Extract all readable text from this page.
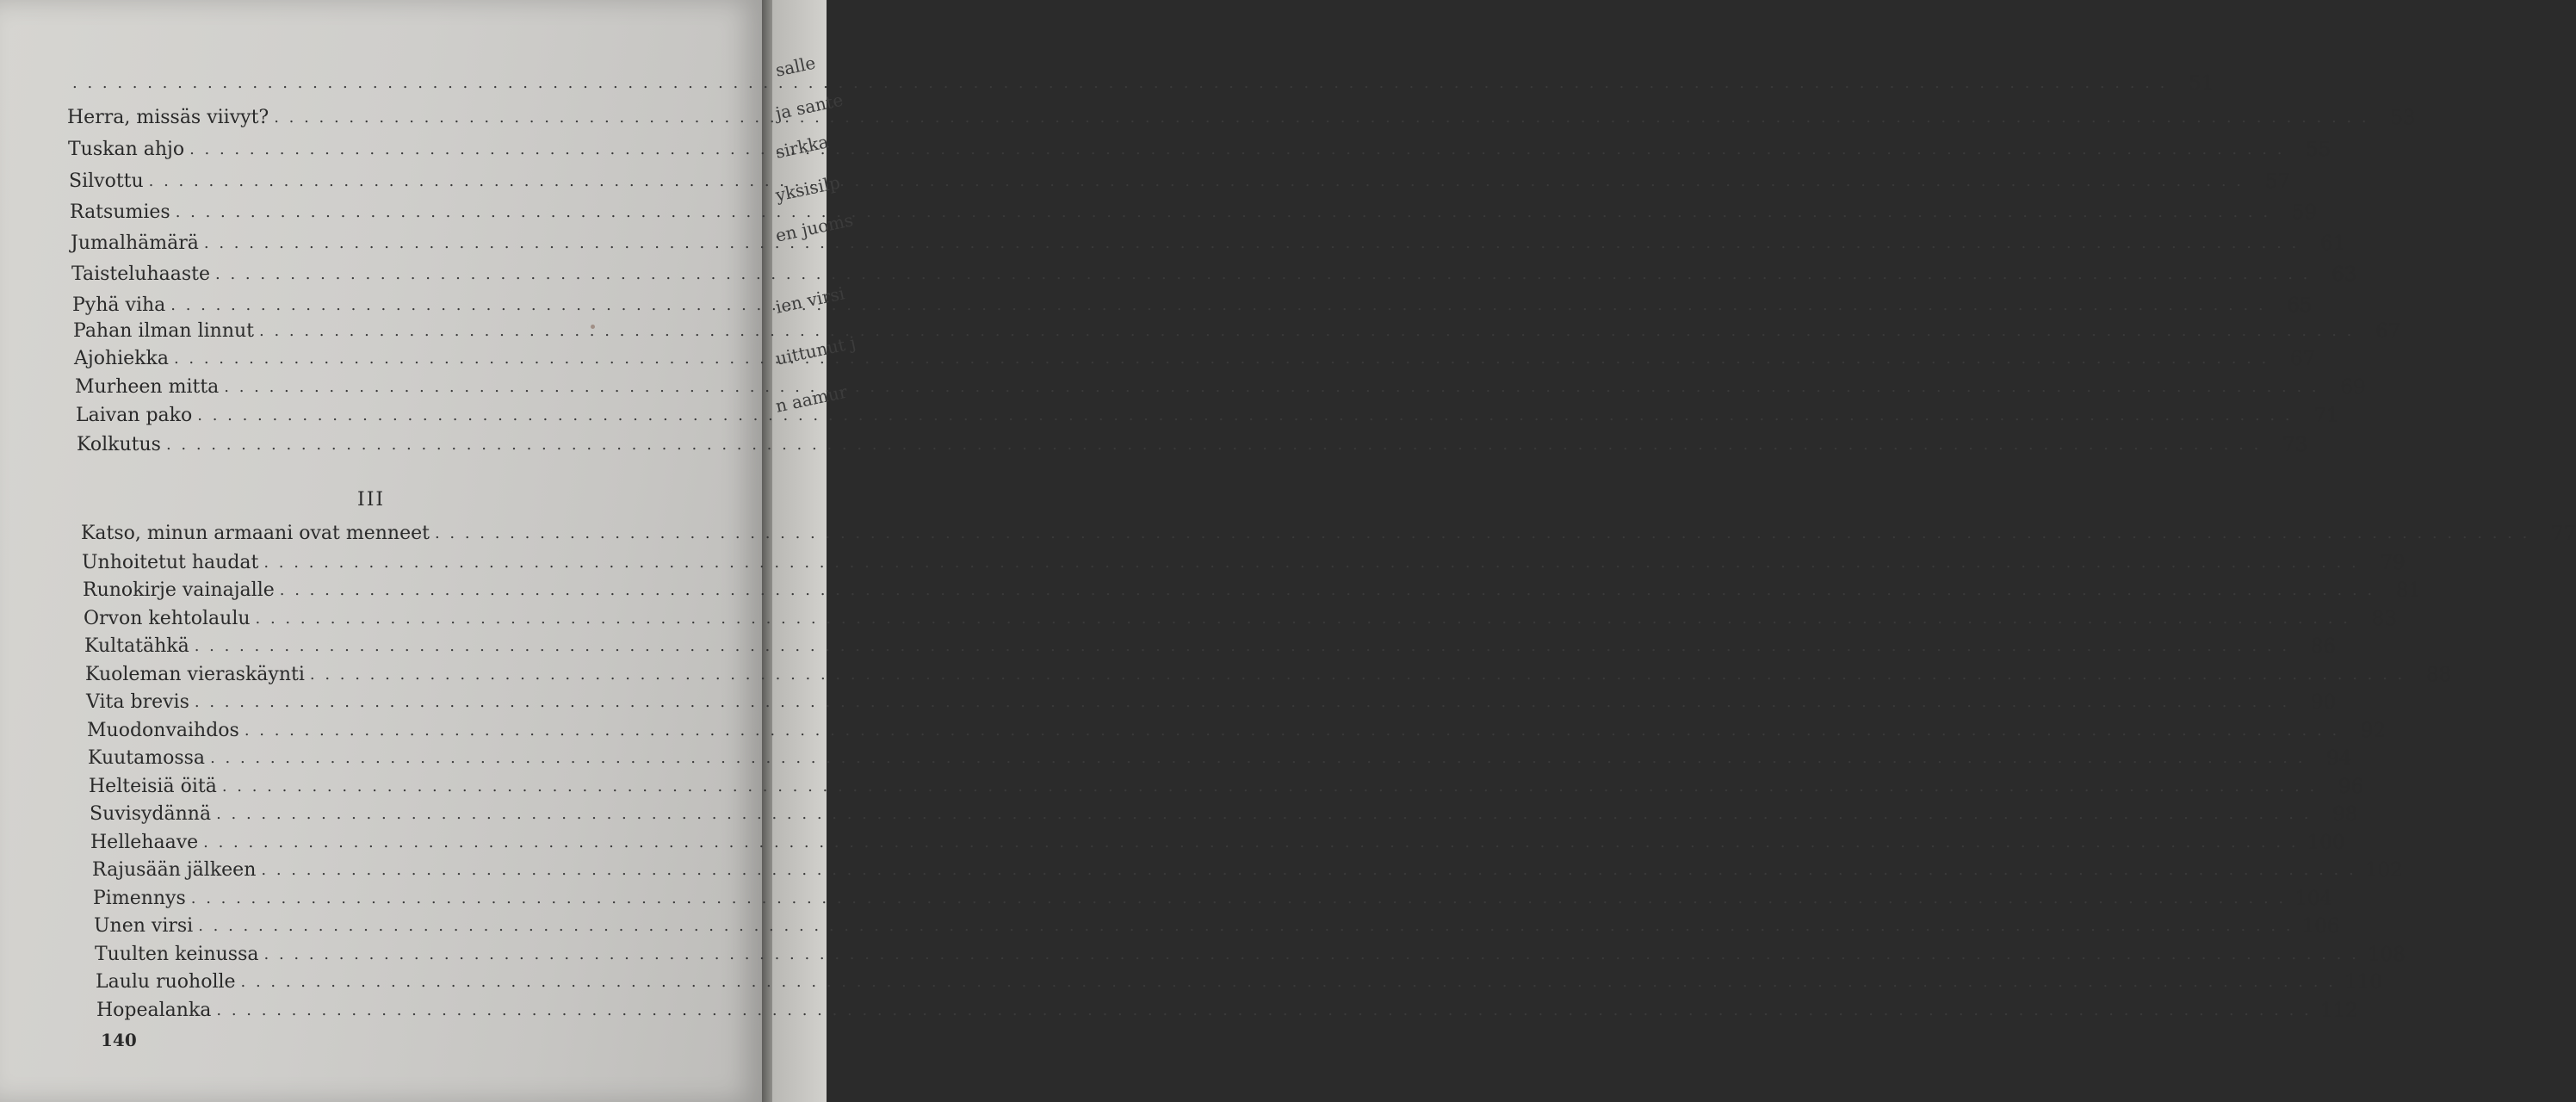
salle
ja sante
sirkka
yksisilp
en juoms
ien virsi
uittunut j
n aamur
. . .
51
Herra, missäs viivyt? . . .	53
Tuskan ahjo . . .	55
Silvottu . . .	57
Ratsumies . . .	59
Jumalhämärä . . .	61
Taisteluhaaste . . .	63
Pyhä viha . . .	65
Pahan ilman linnut . . .	67
Ajohiekka . . .	67
Murheen mitta . . .	69
Laivan pako . . .	71
Kolkutus . . .	73
III
Katso, minun armaani ovat menneet . . .	77
Unhoitetut haudat . . .	79
Runokirje vainajalle . . .	81
Orvon kehtolaulu . . .	83
Kultatähkä . . .	86
Kuoleman vieraskäynti . . .	88
Vita brevis . . .	90
Muodonvaihdos . . .	92
Kuutamossa . . .	94
Helteisiä öitä . . .	96
Suvisydännä . . .	98
Hellehaave . . .	100
Rajusään jälkeen . . .	102
Pimennys . . .	104
Unen virsi . . .	106
Tuulten keinussa . . .	108
Laulu ruoholle . . .	110
Hopealanka . . .	112
140
